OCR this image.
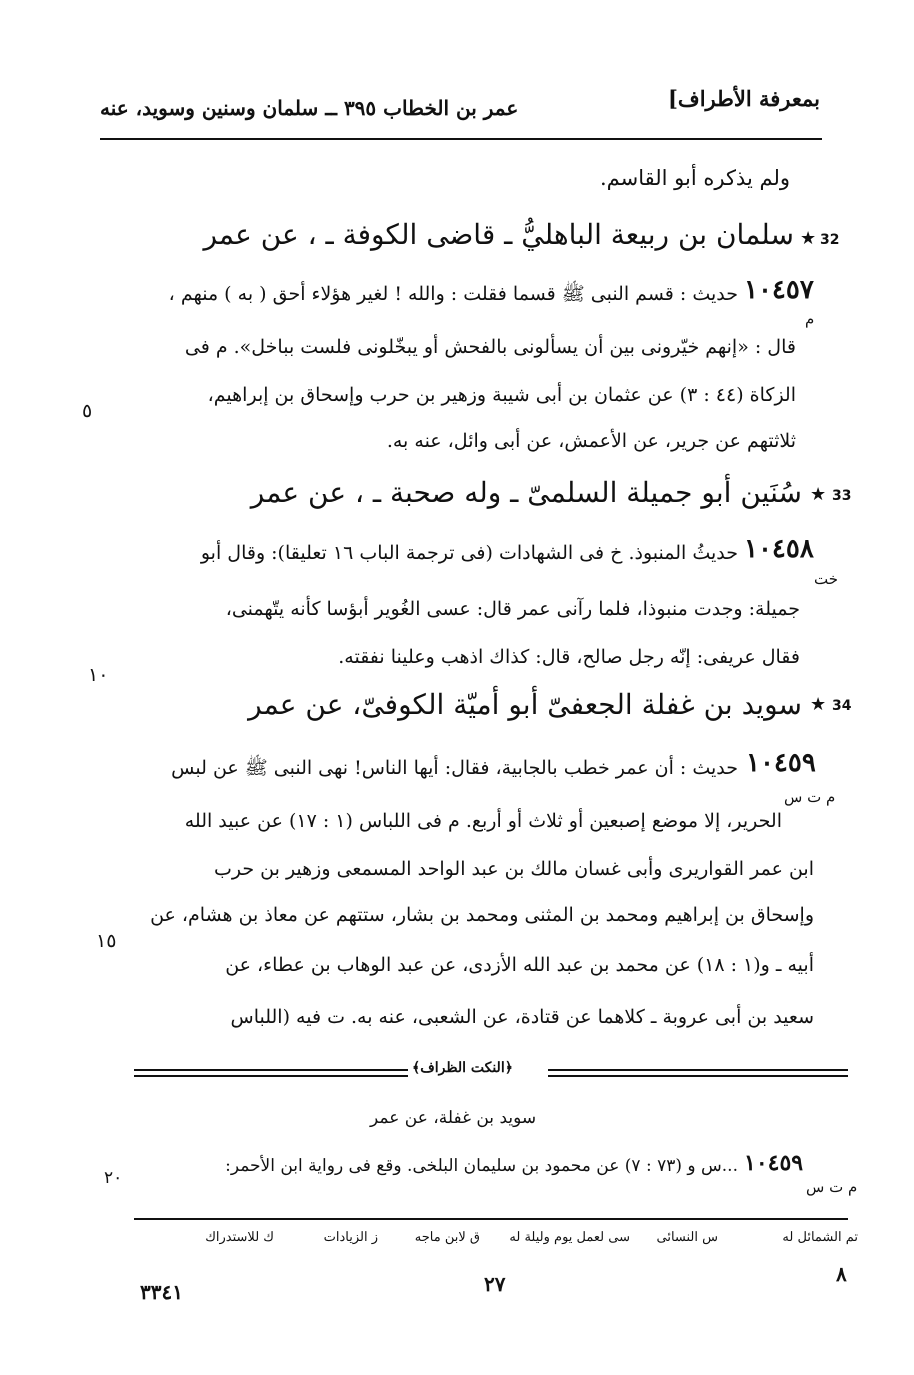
بمعرفة الأطراف]
عمر بن الخطاب ٣٩٥ ــ سلمان وسنين وسويد، عنه
ولم يذكره أبو القاسم.
32
★
سلمان بن ربيعة الباهليُّ ـ قاضى الكوفة ـ ، عن عمر
١٠٤٥٧
م
حديث : قسم النبى ﷺ قسما فقلت : والله ! لغير هؤلاء أحق ( به ) منهم ،
قال : «إنهم خيّرونى بين أن يسألونى بالفحش أو يبخّلونى فلست بباخل». م فى
الزكاة (٤٤ : ٣) عن عثمان بن أبى شيبة وزهير بن حرب وإسحاق بن إبراهيم،
ثلاثتهم عن جرير، عن الأعمش، عن أبى وائل، عنه به.
٥
33
★
سُنَين أبو جميلة السلمىّ ـ وله صحبة ـ ، عن عمر
١٠٤٥٨
خت
حديثُ المنبوذ. خ فى الشهادات (فى ترجمة الباب ١٦ تعليقا): وقال أبو
جميلة: وجدت منبوذا، فلما رآنى عمر قال: عسى الغُوير أبؤسا كأنه يتّهمنى،
فقال عريفى: إنّه رجل صالح، قال: كذاك اذهب وعلينا نفقته.
١٠
34
★
سويد بن غفلة الجعفىّ أبو أميّة الكوفىّ، عن عمر
١٠٤٥٩
م ت س
حديث : أن عمر خطب بالجابية، فقال: أيها الناس! نهى النبى ﷺ عن لبس
الحرير، إلا موضع إصبعين أو ثلاث أو أربع. م فى اللباس (١ : ١٧) عن عبيد الله
ابن عمر القواريرى وأبى غسان مالك بن عبد الواحد المسمعى وزهير بن حرب
وإسحاق بن إبراهيم ومحمد بن المثنى ومحمد بن بشار، ستتهم عن معاذ بن هشام، عن
أبيه ـ و(١ : ١٨) عن محمد بن عبد الله الأزدى، عن عبد الوهاب بن عطاء، عن
سعيد بن أبى عروبة ـ كلاهما عن قتادة، عن الشعبى، عنه به. ت فيه (اللباس
١٥
﴿النكت الظراف﴾
سويد بن غفلة، عن عمر
١٠٤٥٩
م ت س
...س و (٧٣ : ٧) عن محمود بن سليمان البلخى. وقع فى رواية ابن الأحمر:
٢٠
تم الشمائل له
س النسائى
سى لعمل يوم وليلة له
ق لابن ماجه
ز الزيادات
ك للاستدراك
٣٣٤١	٢٧	٨
